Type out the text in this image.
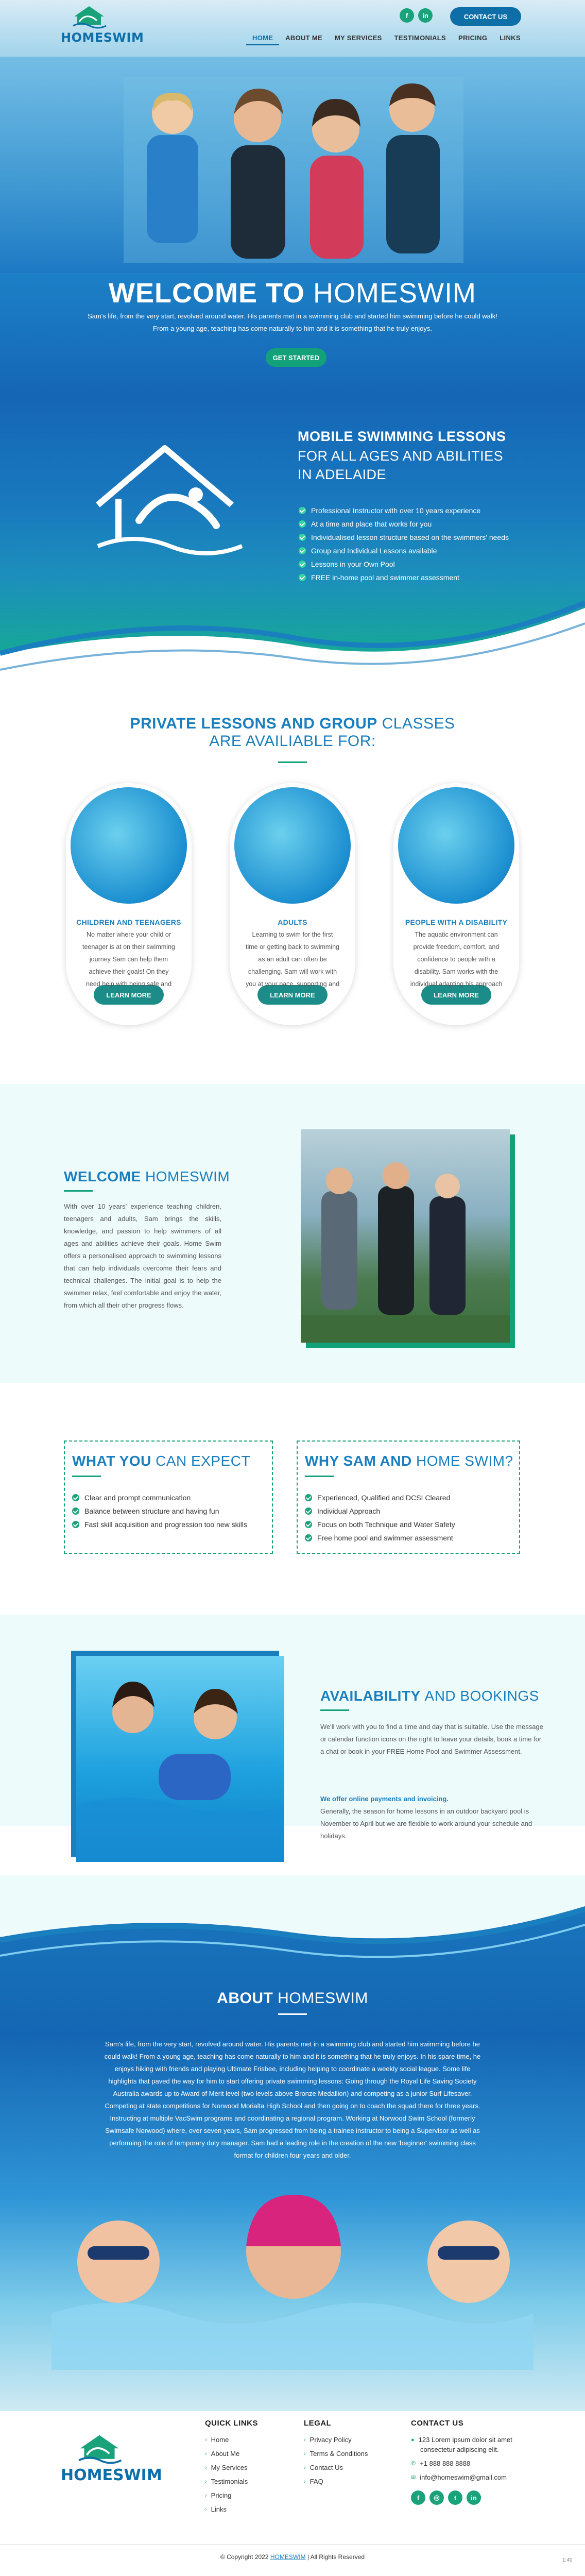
WELCOME TO HOMESWIM

Sam's life, from the very start, revolved around water. His parents met in a swimming club and started him swimming before he could walk!

From a young age, teaching has come naturally to him and it is something that he truly enjoys.

GET STARTED
HOMESWIM
f	in	CONTACT US
HOME	ABOUT ME	MY SERVICES	TESTIMONIALS	PRICING	LINKS
MOBILE SWIMMING LESSONS
FOR ALL AGES AND ABILITIES
IN ADELAIDE
Professional Instructor with over 10 years experience
At a time and place that works for you
Individualised lesson structure based on the swimmers' needs
Group and Individual Lessons available
Lessons in your Own Pool
FREE in-home pool and swimmer assessment
PRIVATE LESSONS AND GROUP CLASSES
ARE AVAILIABLE FOR:
CHILDREN AND TEENAGERS

No matter where your child or teenager is at on their swimming journey Sam can help them achieve their goals! On they need help with being safe and

LEARN MORE
ADULTS

Learning to swim for the first time or getting back to swimming as an adult can often be challenging. Sam will work with you at your pace, supporting and

LEARN MORE
PEOPLE WITH A DISABILITY

The aquatic environment can provide freedom, comfort, and confidence to people with a disability. Sam works with the individual adapting his approach

LEARN MORE
WELCOME HOMESWIM

With over 10 years' experience teaching children, teenagers and adults, Sam brings the skills, knowledge, and passion to help swimmers of all ages and abilities achieve their goals. Home Swim offers a personalised approach to swimming lessons that can help individuals overcome their fears and technical challenges. The initial goal is to help the swimmer relax, feel comfortable and enjoy the water, from which all their other progress flows.

WHAT YOU CAN EXPECT
Clear and prompt communication
Balance between structure and having fun
Fast skill acquisition and progression too new skills
WHY SAM AND HOME SWIM?
Experienced, Qualified and DCSI Cleared
Individual Approach
Focus on both Technique and Water Safety
Free home pool and swimmer assessment
AVAILABILITY AND BOOKINGS

We'll work with you to find a time and day that is suitable. Use the message or calendar function icons on the right to leave your details, book a time for a chat or book in your FREE Home Pool and Swimmer Assessment.

We offer online payments and invoicing.

Generally, the season for home lessons in an outdoor backyard pool is November to April but we are flexible to work around your schedule and holidays.

ABOUT HOMESWIM

Sam's life, from the very start, revolved around water. His parents met in a swimming club and started him swimming before he could walk! From a young age, teaching has come naturally to him and it is something that he truly enjoys. In his spare time, he enjoys hiking with friends and playing Ultimate Frisbee, including helping to coordinate a weekly social league. Some life highlights that paved the way for him to start offering private swimming lessons: Going through the Royal Life Saving Society Australia awards up to Award of Merit level (two levels above Bronze Medallion) and competing as a junior Surf Lifesaver. Competing at state competitions for Norwood Morialta High School and then going on to coach the squad there for three years. Instructing at multiple VacSwim programs and coordinating a regional program. Working at Norwood Swim School (formerly Swimsafe Norwood) where, over seven years, Sam progressed from being a trainee instructor to being a Supervisor as well as performing the role of temporary duty manager. Sam had a leading role in the creation of the new 'beginner' swimming class format for children four years and older.

HOMESWIM
QUICK LINKS
› Home
› About Me
› My Services
› Testimonials
› Pricing
› Links
LEGAL
› Privacy Policy
› Terms & Conditions
› Contact Us
› FAQ
CONTACT US
● 123 Lorem ipsum dolor sit amet
consectetur adipiscing elit.
✆ +1 888 888 8888
✉ info@homeswim@gmail.com
f	◎	t	in
© Copyright 2022 HOMESWIM | All Rights Reserved	1:40
